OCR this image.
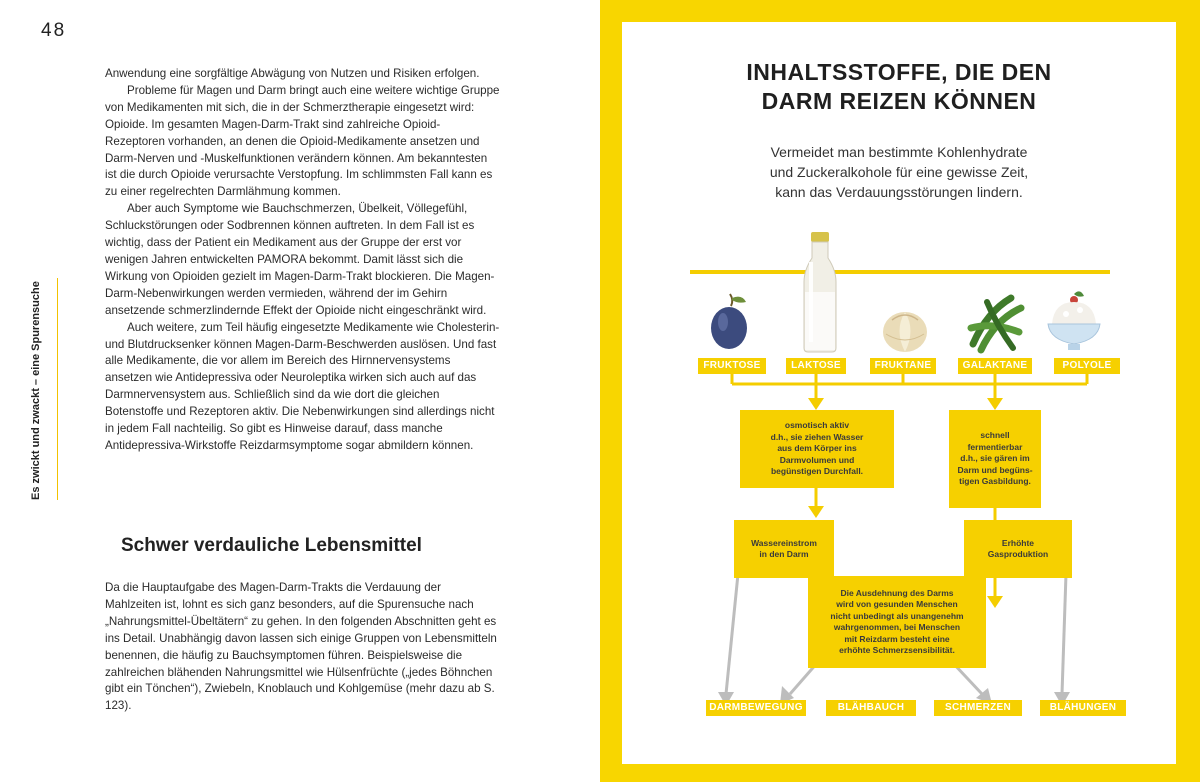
48
Es zwickt und zwackt – eine Spurensuche

Anwendung eine sorgfältige Abwägung von Nutzen und Risiken erfolgen.

Probleme für Magen und Darm bringt auch eine weitere wichtige Gruppe von Medikamenten mit sich, die in der Schmerztherapie eingesetzt wird: Opioide. Im gesamten Magen-Darm-Trakt sind zahlreiche Opioid-Rezeptoren vorhanden, an denen die Opioid-Medikamente ansetzen und Darm-Nerven und -Muskelfunktionen verändern können. Am bekanntesten ist die durch Opioide verursachte Verstopfung. Im schlimmsten Fall kann es zu einer regelrechten Darmlähmung kommen.

Aber auch Symptome wie Bauchschmerzen, Übelkeit, Völlegefühl, Schluckstörungen oder Sodbrennen können auftreten. In dem Fall ist es wichtig, dass der Patient ein Medikament aus der Gruppe der erst vor wenigen Jahren entwickelten PAMORA bekommt. Damit lässt sich die Wirkung von Opioiden gezielt im Magen-Darm-Trakt blockieren. Die Magen-Darm-Nebenwirkungen werden vermieden, während der im Gehirn ansetzende schmerzlindernde Effekt der Opioide nicht eingeschränkt wird.

Auch weitere, zum Teil häufig eingesetzte Medikamente wie Cholesterin- und Blutdrucksenker können Magen-Darm-Beschwerden auslösen. Und fast alle Medikamente, die vor allem im Bereich des Hirnnervensystems ansetzen wie Antidepressiva oder Neuroleptika wirken sich auch auf das Darmnervensystem aus. Schließlich sind da wie dort die gleichen Botenstoffe und Rezeptoren aktiv. Die Nebenwirkungen sind allerdings nicht in jedem Fall nachteilig. So gibt es Hinweise darauf, dass manche Antidepressiva-Wirkstoffe Reizdarmsymptome sogar abmildern können.

Schwer verdauliche Lebensmittel

Da die Hauptaufgabe des Magen-Darm-Trakts die Verdauung der Mahlzeiten ist, lohnt es sich ganz besonders, auf die Spurensuche nach „Nahrungsmittel-Übeltätern“ zu gehen. In den folgenden Abschnitten geht es ins Detail. Unabhängig davon lassen sich einige Gruppen von Lebensmitteln benennen, die häufig zu Bauchsymptomen führen. Beispielsweise die zahlreichen blähenden Nahrungsmittel wie Hülsenfrüchte („jedes Böhnchen gibt ein Tönchen“), Zwiebeln, Knoblauch und Kohlgemüse (mehr dazu ab S. 123).

INHALTSSTOFFE, DIE DEN
DARM REIZEN KÖNNEN
Vermeidet man bestimmte Kohlenhydrate
und Zuckeralkohole für eine gewisse Zeit,
kann das Verdauungsstörungen lindern.
FRUKTOSE	LAKTOSE	FRUKTANE	GALAKTANE	POLYOLE
osmotisch aktiv
d.h., sie ziehen Wasser
aus dem Körper ins
Darmvolumen und
begünstigen Durchfall.
schnell
fermentierbar
d.h., sie gären im
Darm und begüns-
tigen Gasbildung.
Wassereinstrom
in den Darm
Erhöhte
Gasproduktion
Die Ausdehnung des Darms
wird von gesunden Menschen
nicht unbedingt als unangenehm
wahrgenommen, bei Menschen
mit Reizdarm besteht eine
erhöhte Schmerzsensibilität.
DARMBEWEGUNG	BLÄHBAUCH	SCHMERZEN	BLÄHUNGEN
